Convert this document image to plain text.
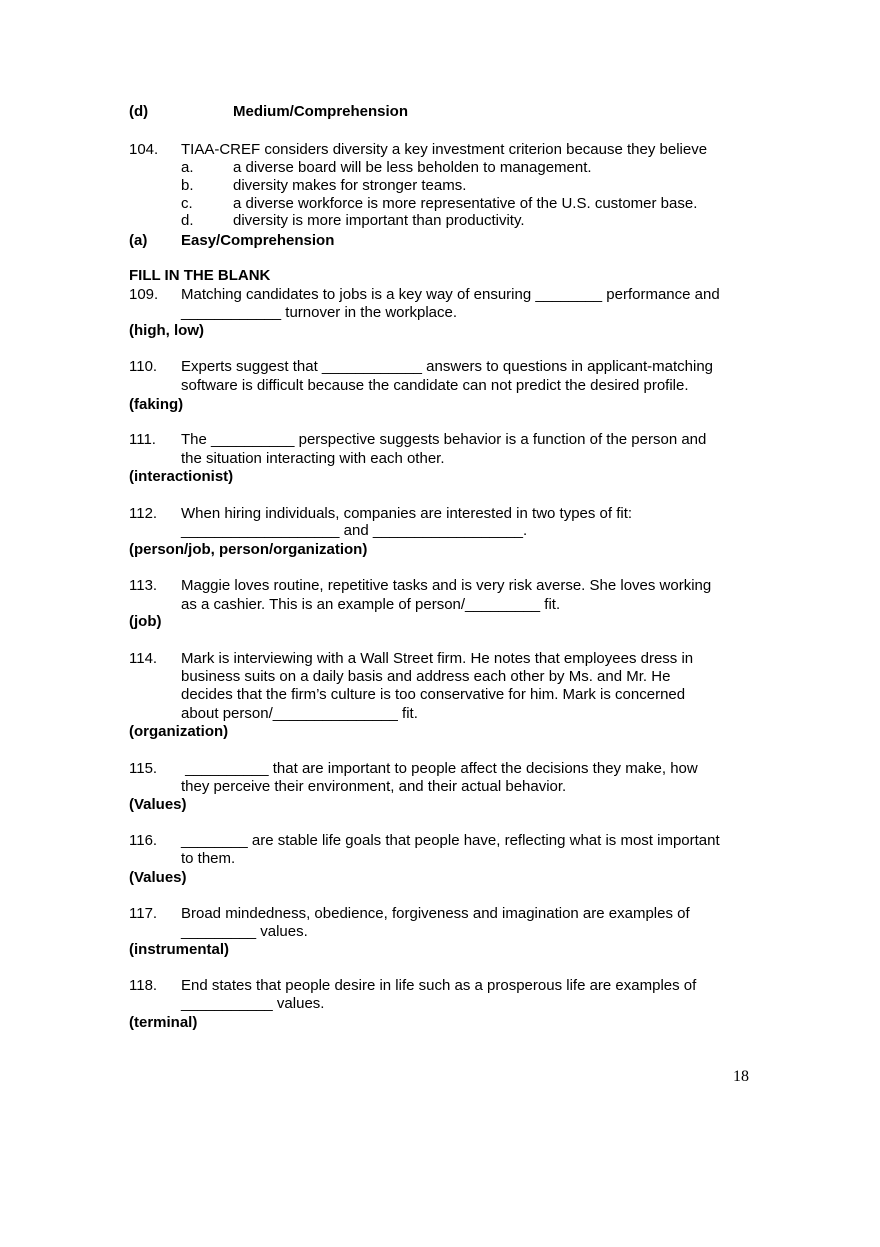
(d)	Medium/Comprehension
104. TIAA-CREF considers diversity a key investment criterion because they believe
a.	a diverse board will be less beholden to management.
b.	diversity makes for stronger teams.
c.	a diverse workforce is more representative of the U.S. customer base.
d.	diversity is more important than productivity.
(a) Easy/Comprehension
FILL IN THE BLANK
109. Matching candidates to jobs is a key way of ensuring ________ performance and
____________ turnover in the workplace.
(high, low)
110. Experts suggest that ____________ answers to questions in applicant-matching
software is difficult because the candidate can not predict the desired profile.
(faking)
111. The __________ perspective suggests behavior is a function of the person and
the situation interacting with each other.
(interactionist)
112. When hiring individuals, companies are interested in two types of fit:
___________________ and __________________.
(person/job, person/organization)
113. Maggie loves routine, repetitive tasks and is very risk averse. She loves working
as a cashier. This is an example of person/_________ fit.
(job)
114. Mark is interviewing with a Wall Street firm. He notes that employees dress in
business suits on a daily basis and address each other by Ms. and Mr. He
decides that the firm’s culture is too conservative for him. Mark is concerned
about person/_______________ fit.
(organization)
115. __________ that are important to people affect the decisions they make, how
they perceive their environment, and their actual behavior.
(Values)
116. ________ are stable life goals that people have, reflecting what is most important
to them.
(Values)
117. Broad mindedness, obedience, forgiveness and imagination are examples of
_________ values.
(instrumental)
118. End states that people desire in life such as a prosperous life are examples of
___________ values.
(terminal)
18
